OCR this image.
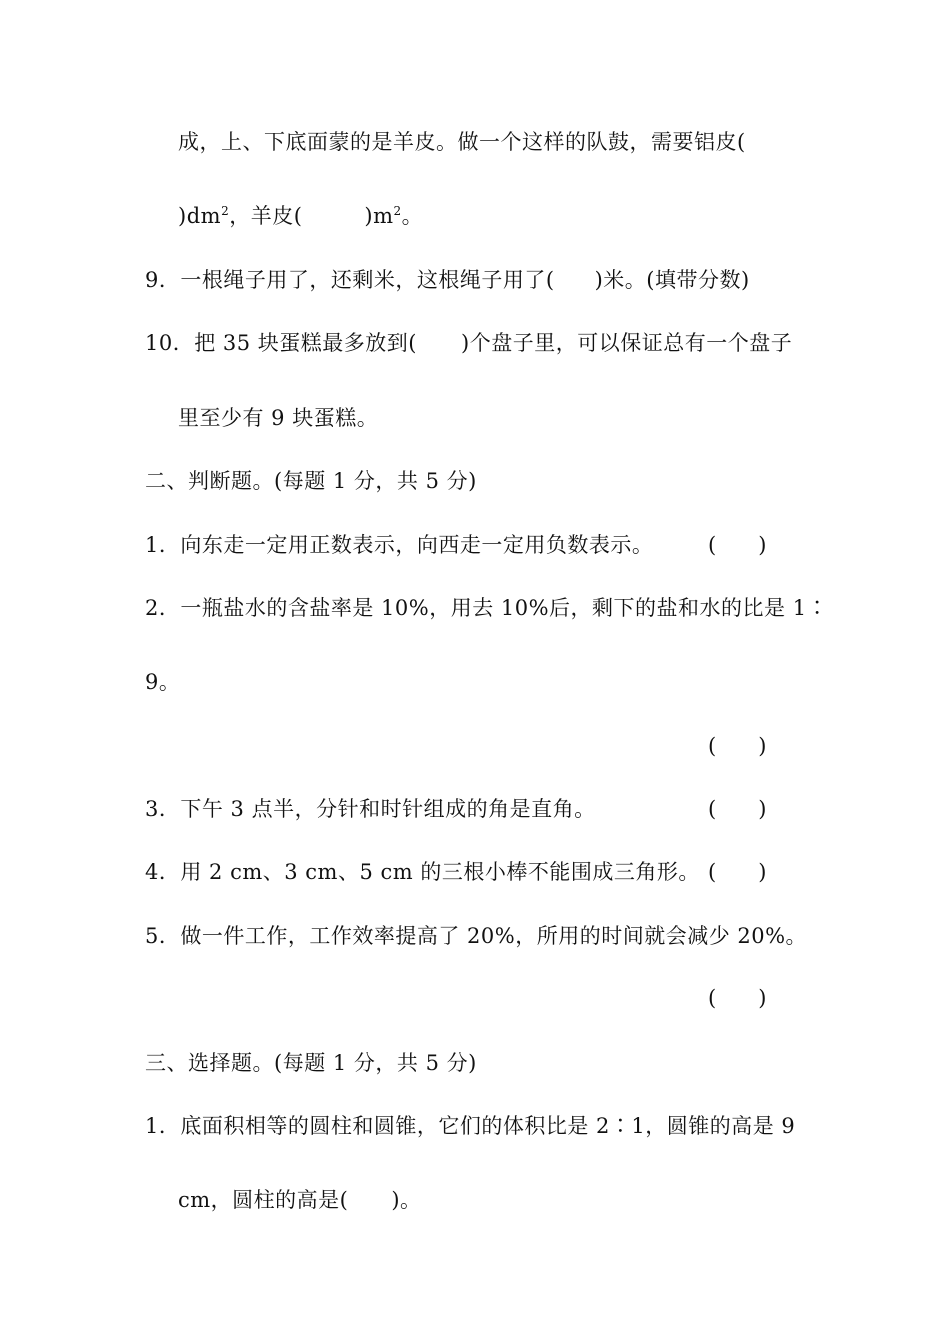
成，上、下底面蒙的是羊皮。做一个这样的队鼓，需要铝皮(
)$dm^2$，羊皮(	)$m^2$。
9．一根绳子用了，还剩米，这根绳子用了( )米。(填带分数)
10．把 35 块蛋糕最多放到( )个盘子里，可以保证总有一个盘子
里至少有 9 块蛋糕。
二、判断题。(每题 1 分，共 5 分)
1．向东走一定用正数表示，向西走一定用负数表示。	(　　)
2．一瓶盐水的含盐率是 10%，用去 10%后，剩下的盐和水的比是 1∶
9。
(　　)
3．下午 3 点半，分针和时针组成的角是直角。	(　　)
4．用 2 cm、3 cm、5 cm 的三根小棒不能围成三角形。 (　　)
5．做一件工作，工作效率提高了 20%，所用的时间就会减少 20%。
(　　)
三、选择题。(每题 1 分，共 5 分)
1．底面积相等的圆柱和圆锥，它们的体积比是 2∶1，圆锥的高是 9
cm，圆柱的高是(　　)。
